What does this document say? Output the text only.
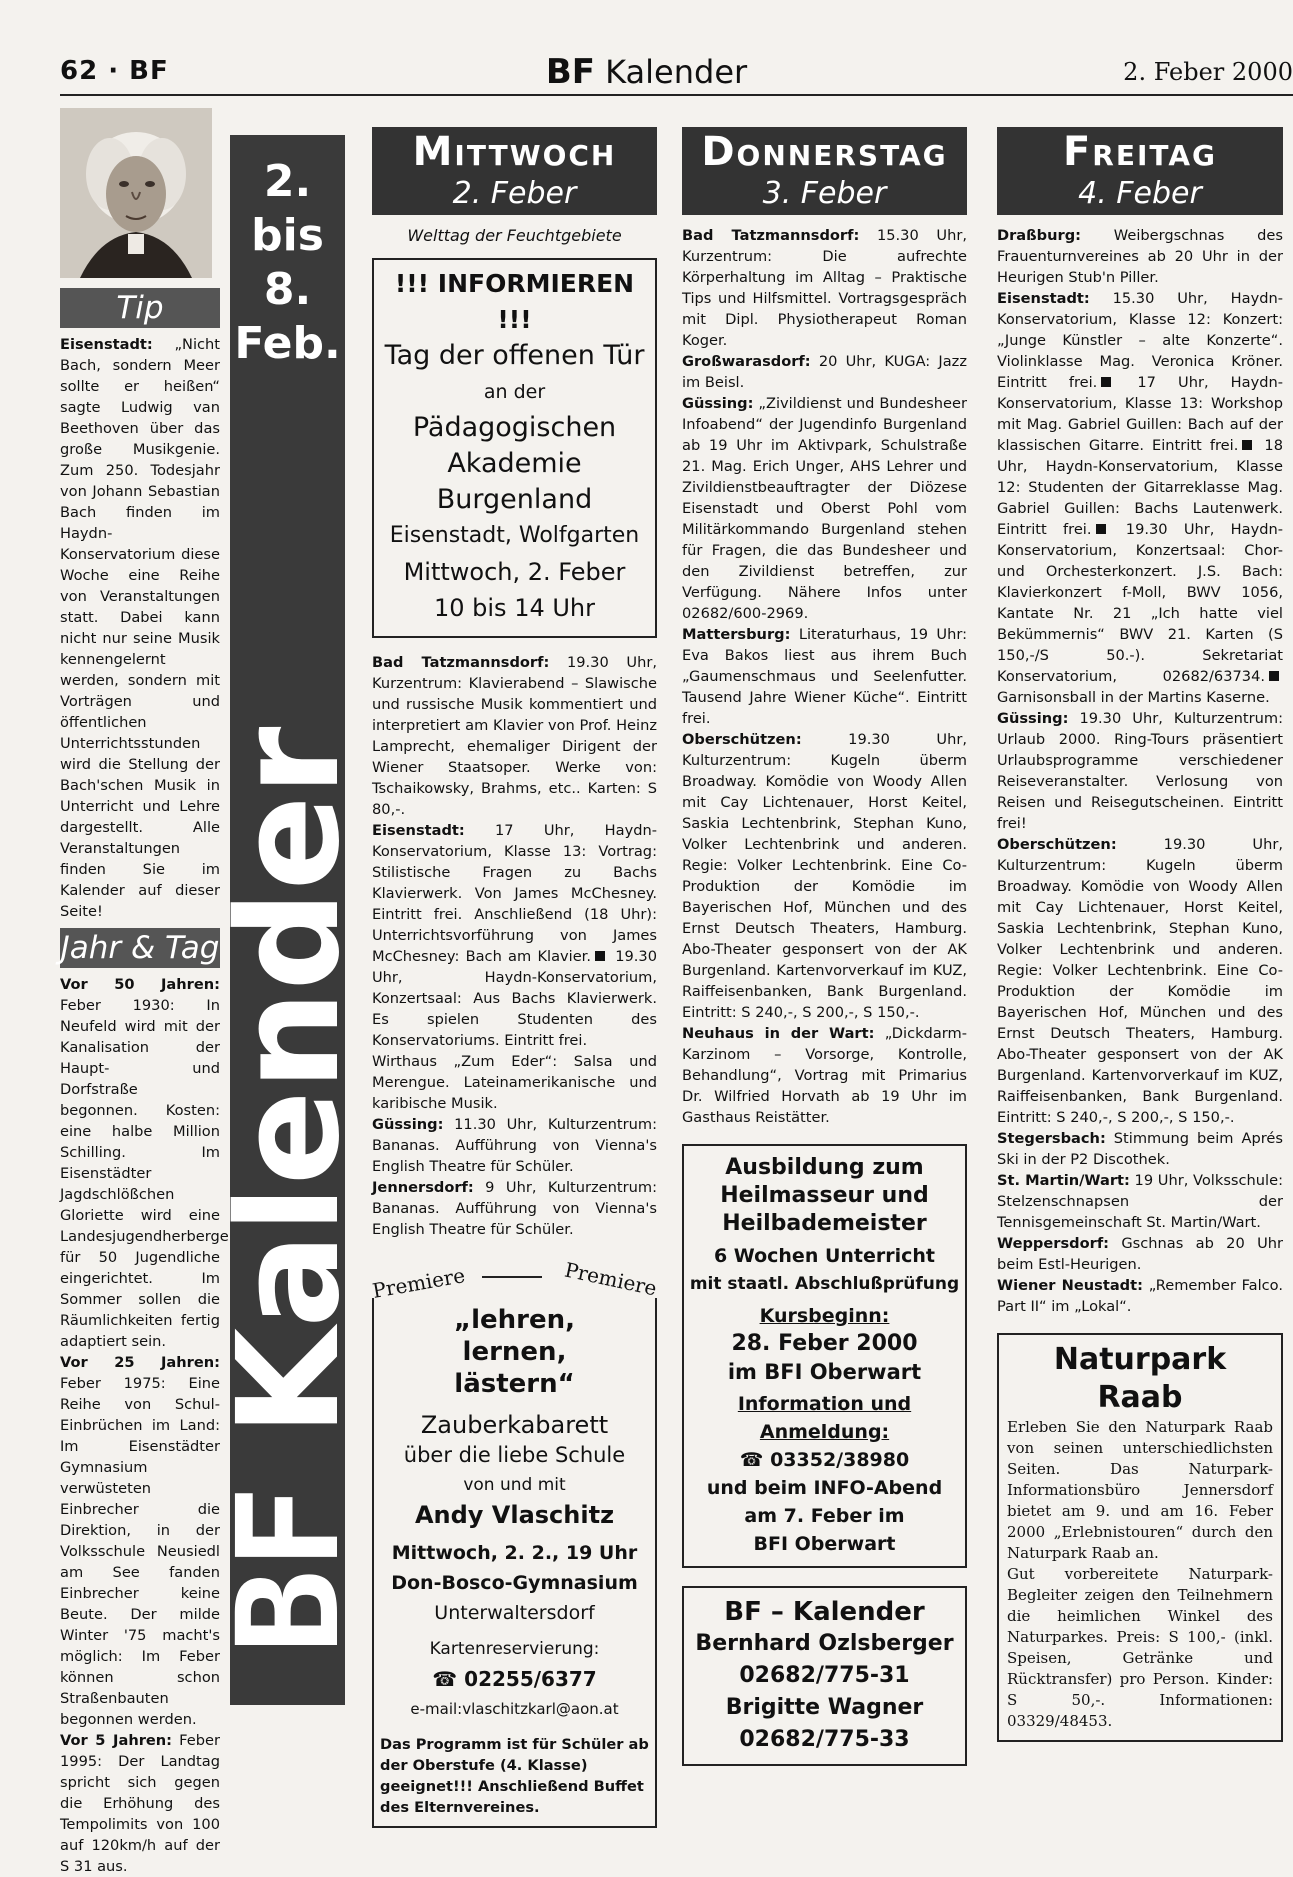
62 · BF	BF Kalender	2. Feber 2000
Tip

Eisenstadt: „Nicht Bach, sondern Meer sollte er heißen“ sagte Ludwig van Beethoven über das große Musikgenie. Zum 250. Todesjahr von Johann Sebastian Bach finden im Haydn-Konservatorium diese Woche eine Reihe von Veranstaltungen statt. Dabei kann nicht nur seine Musik kennengelernt werden, sondern mit Vorträgen und öffentlichen Unterrichtsstunden wird die Stellung der Bach'schen Musik in Unterricht und Lehre dargestellt. Alle Veranstaltungen finden Sie im Kalender auf dieser Seite!

Jahr & Tag

Vor 50 Jahren: Feber 1930: In Neufeld wird mit der Kanalisation der Haupt- und Dorfstraße begonnen. Kosten: eine halbe Million Schilling. Im Eisenstädter Jagdschlößchen Gloriette wird eine Landesjugendherberge für 50 Jugendliche eingerichtet. Im Sommer sollen die Räumlichkeiten fertig adaptiert sein.

Vor 25 Jahren: Feber 1975: Eine Reihe von Schul-Einbrüchen im Land: Im Eisenstädter Gymnasium verwüsteten Einbrecher die Direktion, in der Volksschule Neusiedl am See fanden Einbrecher keine Beute. Der milde Winter '75 macht's möglich: Im Feber können schon Straßenbauten begonnen werden.

Vor 5 Jahren: Feber 1995: Der Landtag spricht sich gegen die Erhöhung des Tempolimits von 100 auf 120km/h auf der S 31 aus.

2.
bis
8.
Feb.
BF Kalender
Mittwoch
2. Feber

Welttag der Feuchtgebiete

!!! INFORMIEREN !!!
Tag der offenen Tür
an der
Pädagogischen
Akademie Burgenland
Eisenstadt, Wolfgarten
Mittwoch, 2. Feber
10 bis 14 Uhr

Bad Tatzmannsdorf: 19.30 Uhr, Kurzentrum: Klavierabend – Slawische und russische Musik kommentiert und interpretiert am Klavier von Prof. Heinz Lamprecht, ehemaliger Dirigent der Wiener Staatsoper. Werke von: Tschaikowsky, Brahms, etc.. Karten: S 80,-.

Eisenstadt: 17 Uhr, Haydn-Konservatorium, Klasse 13: Vortrag: Stilistische Fragen zu Bachs Klavierwerk. Von James McChesney. Eintritt frei. Anschließend (18 Uhr): Unterrichtsvorführung von James McChesney: Bach am Klavier. 19.30 Uhr, Haydn-Konservatorium, Konzertsaal: Aus Bachs Klavierwerk. Es spielen Studenten des Konservatoriums. Eintritt frei.

Wirthaus „Zum Eder“: Salsa und Merengue. Lateinamerikanische und karibische Musik.

Güssing: 11.30 Uhr, Kulturzentrum: Bananas. Aufführung von Vienna's English Theatre für Schüler.

Jennersdorf: 9 Uhr, Kulturzentrum: Bananas. Aufführung von Vienna's English Theatre für Schüler.

Premiere	Premiere
„lehren, lernen, lästern“
Zauberkabarett
über die liebe Schule
von und mit
Andy Vlaschitz
Mittwoch, 2. 2., 19 Uhr
Don-Bosco-Gymnasium
Unterwaltersdorf
Kartenreservierung:
☎ 02255/6377
e-mail:vlaschitzkarl@aon.at
Das Programm ist für Schüler ab der Oberstufe (4. Klasse) geeignet!!! Anschließend Buffet des Elternvereines.
Donnerstag
3. Feber

Bad Tatzmannsdorf: 15.30 Uhr, Kurzentrum: Die aufrechte Körperhaltung im Alltag – Praktische Tips und Hilfsmittel. Vortragsgespräch mit Dipl. Physiotherapeut Roman Koger.

Großwarasdorf: 20 Uhr, KUGA: Jazz im Beisl.

Güssing: „Zivildienst und Bundesheer Infoabend“ der Jugendinfo Burgenland ab 19 Uhr im Aktivpark, Schulstraße 21. Mag. Erich Unger, AHS Lehrer und Zivildienstbeauftragter der Diözese Eisenstadt und Oberst Pohl vom Militärkommando Burgenland stehen für Fragen, die das Bundesheer und den Zivildienst betreffen, zur Verfügung. Nähere Infos unter 02682/600-2969.

Mattersburg: Literaturhaus, 19 Uhr: Eva Bakos liest aus ihrem Buch „Gaumenschmaus und Seelenfutter. Tausend Jahre Wiener Küche“. Eintritt frei.

Oberschützen: 19.30 Uhr, Kulturzentrum: Kugeln überm Broadway. Komödie von Woody Allen mit Cay Lichtenauer, Horst Keitel, Saskia Lechtenbrink, Stephan Kuno, Volker Lechtenbrink und anderen. Regie: Volker Lechtenbrink. Eine Co-Produktion der Komödie im Bayerischen Hof, München und des Ernst Deutsch Theaters, Hamburg. Abo-Theater gesponsert von der AK Burgenland. Kartenvorverkauf im KUZ, Raiffeisenbanken, Bank Burgenland. Eintritt: S 240,-, S 200,-, S 150,-.

Neuhaus in der Wart: „Dickdarm-Karzinom – Vorsorge, Kontrolle, Behandlung“, Vortrag mit Primarius Dr. Wilfried Horvath ab 19 Uhr im Gasthaus Reistätter.

Ausbildung zum
Heilmasseur und
Heilbademeister
6 Wochen Unterricht
mit staatl. Abschlußprüfung
Kursbeginn:
28. Feber 2000
im BFI Oberwart
Information und
Anmeldung:
☎ 03352/38980
und beim INFO-Abend
am 7. Feber im
BFI Oberwart
BF – Kalender
Bernhard Ozlsberger
02682/775-31
Brigitte Wagner
02682/775-33
Freitag
4. Feber

Draßburg: Weibergschnas des Frauenturnvereines ab 20 Uhr in der Heurigen Stub'n Piller.

Eisenstadt: 15.30 Uhr, Haydn-Konservatorium, Klasse 12: Konzert: „Junge Künstler – alte Konzerte“. Violinklasse Mag. Veronica Kröner. Eintritt frei. 17 Uhr, Haydn-Konservatorium, Klasse 13: Workshop mit Mag. Gabriel Guillen: Bach auf der klassischen Gitarre. Eintritt frei. 18 Uhr, Haydn-Konservatorium, Klasse 12: Studenten der Gitarreklasse Mag. Gabriel Guillen: Bachs Lautenwerk. Eintritt frei. 19.30 Uhr, Haydn-Konservatorium, Konzertsaal: Chor- und Orchesterkonzert. J.S. Bach: Klavierkonzert f-Moll, BWV 1056, Kantate Nr. 21 „Ich hatte viel Bekümmernis“ BWV 21. Karten (S 150,-/S 50.-). Sekretariat Konservatorium, 02682/63734. Garnisonsball in der Martins Kaserne.

Güssing: 19.30 Uhr, Kulturzentrum: Urlaub 2000. Ring-Tours präsentiert Urlaubsprogramme verschiedener Reiseveranstalter. Verlosung von Reisen und Reisegutscheinen. Eintritt frei!

Oberschützen: 19.30 Uhr, Kulturzentrum: Kugeln überm Broadway. Komödie von Woody Allen mit Cay Lichtenauer, Horst Keitel, Saskia Lechtenbrink, Stephan Kuno, Volker Lechtenbrink und anderen. Regie: Volker Lechtenbrink. Eine Co-Produktion der Komödie im Bayerischen Hof, München und des Ernst Deutsch Theaters, Hamburg. Abo-Theater gesponsert von der AK Burgenland. Kartenvorverkauf im KUZ, Raiffeisenbanken, Bank Burgenland. Eintritt: S 240,-, S 200,-, S 150,-.

Stegersbach: Stimmung beim Aprés Ski in der P2 Discothek.

St. Martin/Wart: 19 Uhr, Volksschule: Stelzenschnapsen der Tennisgemeinschaft St. Martin/Wart.

Weppersdorf: Gschnas ab 20 Uhr beim Estl-Heurigen.

Wiener Neustadt: „Remember Falco. Part II“ im „Lokal“.

Naturpark Raab

Erleben Sie den Naturpark Raab von seinen unterschiedlichsten Seiten. Das Naturpark-Informationsbüro Jennersdorf bietet am 9. und am 16. Feber 2000 „Erlebnistouren“ durch den Naturpark Raab an.

Gut vorbereitete Naturpark-Begleiter zeigen den Teilnehmern die heimlichen Winkel des Naturparkes. Preis: S 100,- (inkl. Speisen, Getränke und Rücktransfer) pro Person. Kinder: S 50,-. Informationen: 03329/48453.
